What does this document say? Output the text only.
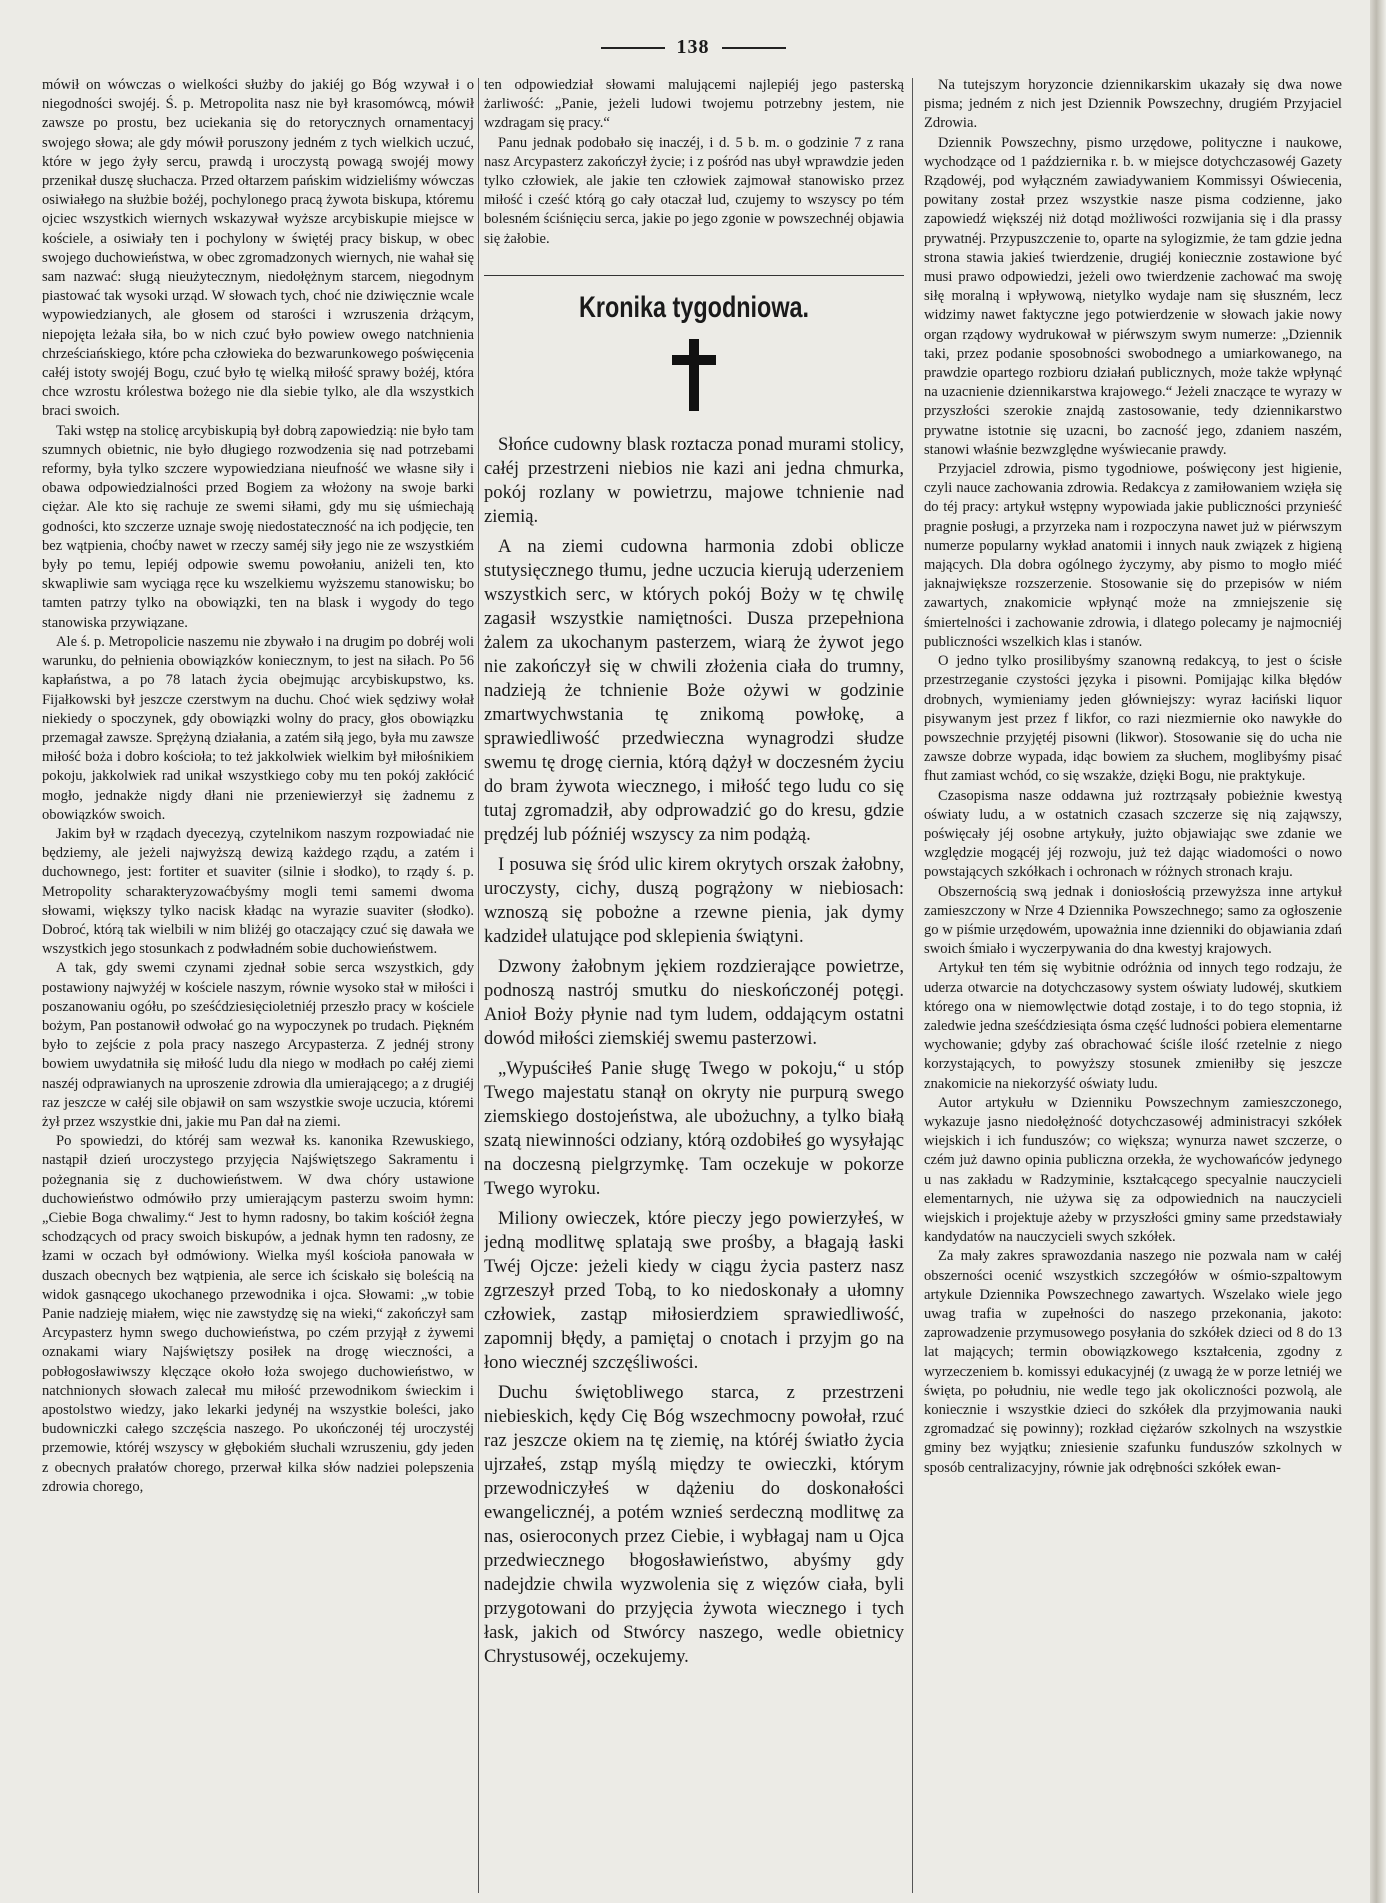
138

mówił on wówczas o wielkości służby do jakiéj go Bóg wzywał i o niegodności swojéj. Ś. p. Metropolita nasz nie był krasomówcą, mówił zawsze po prostu, bez uciekania się do retorycznych ornamentacyj swojego słowa; ale gdy mówił poruszony jedném z tych wielkich uczuć, które w jego żyły sercu, prawdą i uroczystą powagą swojéj mowy przenikał duszę słuchacza. Przed ołtarzem pańskim widzieliśmy wówczas osiwiałego na służbie bożéj, pochylonego pracą żywota biskupa, któremu ojciec wszystkich wiernych wskazywał wyższe arcybiskupie miejsce w kościele, a osiwiały ten i pochylony w świętéj pracy biskup, w obec swojego duchowieństwa, w obec zgromadzonych wiernych, nie wahał się sam nazwać: sługą nieużytecznym, niedołężnym starcem, niegodnym piastować tak wysoki urząd. W słowach tych, choć nie dziwięcznie wcale wypowiedzianych, ale głosem od starości i wzruszenia drżącym, niepojęta leżała siła, bo w nich czuć było powiew owego natchnienia chrześciańskiego, które pcha człowieka do bezwarunkowego poświęcenia całéj istoty swojéj Bogu, czuć było tę wielką miłość sprawy bożéj, która chce wzrostu królestwa bożego nie dla siebie tylko, ale dla wszystkich braci swoich.

Taki wstęp na stolicę arcybiskupią był dobrą zapowiedzią: nie było tam szumnych obietnic, nie było długiego rozwodzenia się nad potrzebami reformy, była tylko szczere wypowiedziana nieufność we własne siły i obawa odpowiedzialności przed Bogiem za włożony na swoje barki ciężar. Ale kto się rachuje ze swemi siłami, gdy mu się uśmiechają godności, kto szczerze uznaje swoję niedostateczność na ich podjęcie, ten bez wątpienia, choćby nawet w rzeczy saméj siły jego nie ze wszystkiém były po temu, lepiéj odpowie swemu powołaniu, aniżeli ten, kto skwapliwie sam wyciąga ręce ku wszelkiemu wyższemu stanowisku; bo tamten patrzy tylko na obowiązki, ten na blask i wygody do tego stanowiska przywiązane.

Ale ś. p. Metropolicie naszemu nie zbywało i na drugim po dobréj woli warunku, do pełnienia obowiązków koniecznym, to jest na siłach. Po 56 kapłaństwa, a po 78 latach życia obejmując arcybiskupstwo, ks. Fijałkowski był jeszcze czerstwym na duchu. Choć wiek sędziwy wołał niekiedy o spoczynek, gdy obowiązki wolny do pracy, głos obowiązku przemagał zawsze. Sprężyną działania, a zatém siłą jego, była mu zawsze miłość boża i dobro kościoła; to też jakkolwiek wielkim był miłośnikiem pokoju, jakkolwiek rad unikał wszystkiego coby mu ten pokój zakłócić mogło, jednakże nigdy dłani nie przeniewierzył się żadnemu z obowiązków swoich.

Jakim był w rządach dyecezyą, czytelnikom naszym rozpowiadać nie będziemy, ale jeżeli najwyższą dewizą każdego rządu, a zatém i duchownego, jest: fortiter et suaviter (silnie i słodko), to rządy ś. p. Metropolity scharakteryzowaćbyśmy mogli temi samemi dwoma słowami, większy tylko nacisk kładąc na wyrazie suaviter (słodko). Dobroć, którą tak wielbili w nim bliżéj go otaczający czuć się dawała we wszystkich jego stosunkach z podwładném sobie duchowieństwem.

A tak, gdy swemi czynami zjednał sobie serca wszystkich, gdy postawiony najwyżéj w kościele naszym, równie wysoko stał w miłości i poszanowaniu ogółu, po sześćdziesięcioletniéj przeszło pracy w kościele bożym, Pan postanowił odwołać go na wypoczynek po trudach. Piękném było to zejście z pola pracy naszego Arcypasterza. Z jednéj strony bowiem uwydatniła się miłość ludu dla niego w modłach po całéj ziemi naszéj odprawianych na uproszenie zdrowia dla umierającego; a z drugiéj raz jeszcze w całéj sile objawił on sam wszystkie swoje uczucia, któremi żył przez wszystkie dni, jakie mu Pan dał na ziemi.

Po spowiedzi, do któréj sam wezwał ks. kanonika Rzewuskiego, nastąpił dzień uroczystego przyjęcia Najświętszego Sakramentu i pożegnania się z duchowieństwem. W dwa chóry ustawione duchowieństwo odmówiło przy umierającym pasterzu swoim hymn: „Ciebie Boga chwalimy.“ Jest to hymn radosny, bo takim kościół żegna schodzących od pracy swoich biskupów, a jednak hymn ten radosny, ze łzami w oczach był odmówiony. Wielka myśl kościoła panowała w duszach obecnych bez wątpienia, ale serce ich ściskało się boleścią na widok gasnącego ukochanego przewodnika i ojca. Słowami: „w tobie Panie nadzieję miałem, więc nie zawstydzę się na wieki,“ zakończył sam Arcypasterz hymn swego duchowieństwa, po czém przyjął z żywemi oznakami wiary Najświętszy posiłek na drogę wieczności, a pobłogosławiwszy klęczące około łoża swojego duchowieństwo, w natchnionych słowach zalecał mu miłość przewodnikom świeckim i apostolstwo wiedzy, jako lekarki jedynéj na wszystkie boleści, jako budowniczki całego szczęścia naszego. Po ukończonéj téj uroczystéj przemowie, któréj wszyscy w głębokiém słuchali wzruszeniu, gdy jeden z obecnych prałatów chorego, przerwał kilka słów nadziei polepszenia zdrowia chorego,

ten odpowiedział słowami malującemi najlepiéj jego pasterską żarliwość: „Panie, jeżeli ludowi twojemu potrzebny jestem, nie wzdragam się pracy.“

Panu jednak podobało się inaczéj, i d. 5 b. m. o godzinie 7 z rana nasz Arcypasterz zakończył życie; i z pośród nas ubył wprawdzie jeden tylko człowiek, ale jakie ten człowiek zajmował stanowisko przez miłość i cześć którą go cały otaczał lud, czujemy to wszyscy po tém bolesném ściśnięciu serca, jakie po jego zgonie w powszechnéj objawia się żałobie.

Kronika tygodniowa.

Słońce cudowny blask roztacza ponad murami stolicy, całéj przestrzeni niebios nie kazi ani jedna chmurka, pokój rozlany w powietrzu, majowe tchnienie nad ziemią.

A na ziemi cudowna harmonia zdobi oblicze stutysięcznego tłumu, jedne uczucia kierują uderzeniem wszystkich serc, w których pokój Boży w tę chwilę zagasił wszystkie namiętności. Dusza przepełniona żalem za ukochanym pasterzem, wiarą że żywot jego nie zakończył się w chwili złożenia ciała do trumny, nadzieją że tchnienie Boże ożywi w godzinie zmartwychwstania tę znikomą powłokę, a sprawiedliwość przedwieczna wynagrodzi słudze swemu tę drogę ciernia, którą dążył w doczesném życiu do bram żywota wiecznego, i miłość tego ludu co się tutaj zgromadził, aby odprowadzić go do kresu, gdzie prędzéj lub późniéj wszyscy za nim podążą.

I posuwa się śród ulic kirem okrytych orszak żałobny, uroczysty, cichy, duszą pogrążony w niebiosach: wznoszą się pobożne a rzewne pienia, jak dymy kadzideł ulatujące pod sklepienia świątyni.

Dzwony żałobnym jękiem rozdzierające powietrze, podnoszą nastrój smutku do nieskończonéj potęgi. Anioł Boży płynie nad tym ludem, oddającym ostatni dowód miłości ziemskiéj swemu pasterzowi.

„Wypuściłeś Panie sługę Twego w pokoju,“ u stóp Twego majestatu stanął on okryty nie purpurą swego ziemskiego dostojeństwa, ale ubożuchny, a tylko białą szatą niewinności odziany, którą ozdobiłeś go wysyłając na doczesną pielgrzymkę. Tam oczekuje w pokorze Twego wyroku.

Miliony owieczek, które pieczy jego powierzyłeś, w jedną modlitwę splatają swe prośby, a błagają łaski Twéj Ojcze: jeżeli kiedy w ciągu życia pasterz nasz zgrzeszył przed Tobą, to ko niedoskonały a ułomny człowiek, zastąp miłosierdziem sprawiedliwość, zapomnij błędy, a pamiętaj o cnotach i przyjm go na łono wiecznéj szczęśliwości.

Duchu świętobliwego starca, z przestrzeni niebieskich, kędy Cię Bóg wszechmocny powołał, rzuć raz jeszcze okiem na tę ziemię, na któréj światło życia ujrzałeś, zstąp myślą między te owieczki, którym przewodniczyłeś w dążeniu do doskonałości ewangelicznéj, a potém wznieś serdeczną modlitwę za nas, osieroconych przez Ciebie, i wybłagaj nam u Ojca przedwiecznego błogosławieństwo, abyśmy gdy nadejdzie chwila wyzwolenia się z więzów ciała, byli przygotowani do przyjęcia żywota wiecznego i tych łask, jakich od Stwórcy naszego, wedle obietnicy Chrystusowéj, oczekujemy.

Na tutejszym horyzoncie dziennikarskim ukazały się dwa nowe pisma; jedném z nich jest Dziennik Powszechny, drugiém Przyjaciel Zdrowia.

Dziennik Powszechny, pismo urzędowe, polityczne i naukowe, wychodzące od 1 października r. b. w miejsce dotychczasowéj Gazety Rządowéj, pod wyłączném zawiadywaniem Kommissyi Oświecenia, powitany został przez wszystkie nasze pisma codzienne, jako zapowiedź większéj niż dotąd możliwości rozwijania się i dla prassy prywatnéj. Przypuszczenie to, oparte na sylogizmie, że tam gdzie jedna strona stawia jakieś twierdzenie, drugiéj koniecznie zostawione być musi prawo odpowiedzi, jeżeli owo twierdzenie zachować ma swoję siłę moralną i wpływową, nietylko wydaje nam się słuszném, lecz widzimy nawet faktyczne jego potwierdzenie w słowach jakie nowy organ rządowy wydrukował w piérwszym swym numerze: „Dziennik taki, przez podanie sposobności swobodnego a umiarkowanego, na prawdzie opartego rozbioru działań publicznych, może także wpłynąć na uzacnienie dziennikarstwa krajowego.“ Jeżeli znaczące te wyrazy w przyszłości szerokie znajdą zastosowanie, tedy dziennikarstwo prywatne istotnie się uzacni, bo zacność jego, zdaniem naszém, stanowi właśnie bezwzględne wyświecanie prawdy.

Przyjaciel zdrowia, pismo tygodniowe, poświęcony jest higienie, czyli nauce zachowania zdrowia. Redakcya z zamiłowaniem wzięła się do téj pracy: artykuł wstępny wypowiada jakie publiczności przynieść pragnie posługi, a przyrzeka nam i rozpoczyna nawet już w piérwszym numerze popularny wykład anatomii i innych nauk związek z higieną mających. Dla dobra ogólnego życzymy, aby pismo to mogło miéć jaknajwiększe rozszerzenie. Stosowanie się do przepisów w niém zawartych, znakomicie wpłynąć może na zmniejszenie się śmiertelności i zachowanie zdrowia, i dlatego polecamy je najmocniéj publiczności wszelkich klas i stanów.

O jedno tylko prosilibyśmy szanowną redakcyą, to jest o ścisłe przestrzeganie czystości języka i pisowni. Pomijając kilka błędów drobnych, wymieniamy jeden główniejszy: wyraz łaciński liquor pisywanym jest przez f likfor, co razi niezmiernie oko nawykłe do powszechnie przyjętéj pisowni (likwor). Stosowanie się do ucha nie zawsze dobrze wypada, idąc bowiem za słuchem, moglibyśmy pisać fhut zamiast wchód, co się wszakże, dzięki Bogu, nie praktykuje.

Czasopisma nasze oddawna już roztrząsały pobieżnie kwestyą oświaty ludu, a w ostatnich czasach szczerze się nią zająwszy, poświęcały jéj osobne artykuły, jużto objawiając swe zdanie we względzie mogącéj jéj rozwoju, już też dając wiadomości o nowo powstających szkółkach i ochronach w różnych stronach kraju.

Obszernością swą jednak i doniosłością przewyższa inne artykuł zamieszczony w Nrze 4 Dziennika Powszechnego; samo za ogłoszenie go w piśmie urzędowém, upoważnia inne dzienniki do objawiania zdań swoich śmiało i wyczerpywania do dna kwestyj krajowych.

Artykuł ten tém się wybitnie odróżnia od innych tego rodzaju, że uderza otwarcie na dotychczasowy system oświaty ludowéj, skutkiem którego ona w niemowlęctwie dotąd zostaje, i to do tego stopnia, iż zaledwie jedna sześćdziesiąta ósma część ludności pobiera elementarne wychowanie; gdyby zaś obrachować ściśle ilość rzetelnie z niego korzystających, to powyższy stosunek zmieniłby się jeszcze znakomicie na niekorzyść oświaty ludu.

Autor artykułu w Dzienniku Powszechnym zamieszczonego, wykazuje jasno niedołężność dotychczasowéj administracyi szkółek wiejskich i ich funduszów; co większa; wynurza nawet szczerze, o czém już dawno opinia publiczna orzekła, że wychowańców jedynego u nas zakładu w Radzyminie, kształcącego specyalnie nauczycieli elementarnych, nie używa się za odpowiednich na nauczycieli wiejskich i projektuje ażeby w przyszłości gminy same przedstawiały kandydatów na nauczycieli swych szkółek.

Za mały zakres sprawozdania naszego nie pozwala nam w całéj obszerności ocenić wszystkich szczegółów w ośmio-szpaltowym artykule Dziennika Powszechnego zawartych. Wszelako wiele jego uwag trafia w zupełności do naszego przekonania, jakoto: zaprowadzenie przymusowego posyłania do szkółek dzieci od 8 do 13 lat mających; termin obowiązkowego kształcenia, zgodny z wyrzeczeniem b. komissyi edukacyjnéj (z uwagą że w porze letniéj we święta, po południu, nie wedle tego jak okoliczności pozwolą, ale koniecznie i wszystkie dzieci do szkółek dla przyjmowania nauki zgromadzać się powinny); rozkład ciężarów szkolnych na wszystkie gminy bez wyjątku; zniesienie szafunku funduszów szkolnych w sposób centralizacyjny, równie jak odrębności szkółek ewan-
